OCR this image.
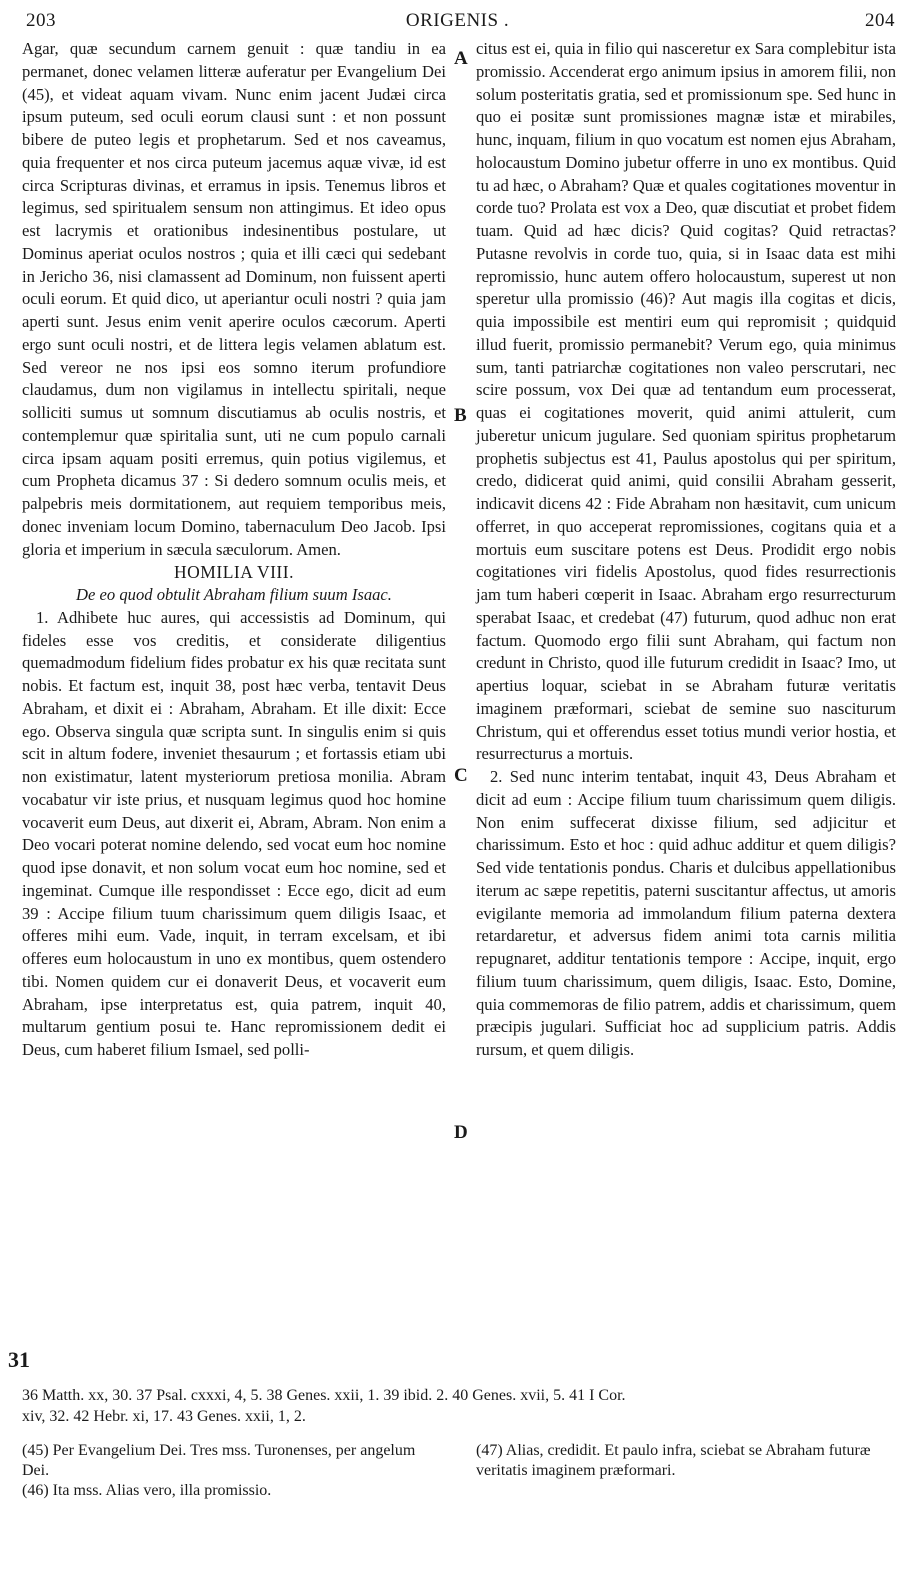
203	ORIGENIS .	204

Agar, quæ secundum carnem genuit : quæ tandiu in ea permanet, donec velamen litteræ auferatur per Evangelium Dei (45), et videat aquam vivam. Nunc enim jacent Judæi circa ipsum puteum, sed oculi eorum clausi sunt : et non possunt bibere de puteo legis et prophetarum. Sed et nos caveamus, quia frequenter et nos circa puteum jacemus aquæ vivæ, id est circa Scripturas divinas, et erramus in ipsis. Tenemus libros et legimus, sed spiritualem sensum non attingimus. Et ideo opus est lacrymis et orationibus indesinentibus postulare, ut Dominus aperiat oculos nostros ; quia et illi cæci qui sedebant in Jericho 36, nisi clamassent ad Dominum, non fuissent aperti oculi eorum. Et quid dico, ut aperiantur oculi nostri ? quia jam aperti sunt. Jesus enim venit aperire oculos cæcorum. Aperti ergo sunt oculi nostri, et de littera legis velamen ablatum est. Sed vereor ne nos ipsi eos somno iterum profundiore claudamus, dum non vigilamus in intellectu spiritali, neque solliciti sumus ut somnum discutiamus ab oculis nostris, et contemplemur quæ spiritalia sunt, uti ne cum populo carnali circa ipsam aquam positi erremus, quin potius vigilemus, et cum Propheta dicamus 37 : Si dedero somnum oculis meis, et palpebris meis dormitationem, aut requiem temporibus meis, donec inveniam locum Domino, tabernaculum Deo Jacob. Ipsi gloria et imperium in sæcula sæculorum. Amen.

HOMILIA VIII.

De eo quod obtulit Abraham filium suum Isaac.

1. Adhibete huc aures, qui accessistis ad Dominum, qui fideles esse vos creditis, et considerate diligentius quemadmodum fidelium fides probatur ex his quæ recitata sunt nobis. Et factum est, inquit 38, post hæc verba, tentavit Deus Abraham, et dixit ei : Abraham, Abraham. Et ille dixit: Ecce ego. Observa singula quæ scripta sunt. In singulis enim si quis scit in altum fodere, inveniet thesaurum ; et fortassis etiam ubi non existimatur, latent mysteriorum pretiosa monilia. Abram vocabatur vir iste prius, et nusquam legimus quod hoc homine vocaverit eum Deus, aut dixerit ei, Abram, Abram. Non enim a Deo vocari poterat nomine delendo, sed vocat eum hoc nomine quod ipse donavit, et non solum vocat eum hoc nomine, sed et ingeminat. Cumque ille respondisset : Ecce ego, dicit ad eum 39 : Accipe filium tuum charissimum quem diligis Isaac, et offeres mihi eum. Vade, inquit, in terram excelsam, et ibi offeres eum holocaustum in uno ex montibus, quem ostendero tibi. Nomen quidem cur ei donaverit Deus, et vocaverit eum Abraham, ipse interpretatus est, quia patrem, inquit 40, multarum gentium posui te. Hanc repromissionem dedit ei Deus, cum haberet filium Ismael, sed polli-

citus est ei, quia in filio qui nasceretur ex Sara complebitur ista promissio. Accenderat ergo animum ipsius in amorem filii, non solum posteritatis gratia, sed et promissionum spe. Sed hunc in quo ei positæ sunt promissiones magnæ istæ et mirabiles, hunc, inquam, filium in quo vocatum est nomen ejus Abraham, holocaustum Domino jubetur offerre in uno ex montibus. Quid tu ad hæc, o Abraham? Quæ et quales cogitationes moventur in corde tuo? Prolata est vox a Deo, quæ discutiat et probet fidem tuam. Quid ad hæc dicis? Quid cogitas? Quid retractas? Putasne revolvis in corde tuo, quia, si in Isaac data est mihi repromissio, hunc autem offero holocaustum, superest ut non speretur ulla promissio (46)? Aut magis illa cogitas et dicis, quia impossibile est mentiri eum qui repromisit ; quidquid illud fuerit, promissio permanebit? Verum ego, quia minimus sum, tanti patriarchæ cogitationes non valeo perscrutari, nec scire possum, vox Dei quæ ad tentandum eum processerat, quas ei cogitationes moverit, quid animi attulerit, cum juberetur unicum jugulare. Sed quoniam spiritus prophetarum prophetis subjectus est 41, Paulus apostolus qui per spiritum, credo, didicerat quid animi, quid consilii Abraham gesserit, indicavit dicens 42 : Fide Abraham non hæsitavit, cum unicum offerret, in quo acceperat repromissiones, cogitans quia et a mortuis eum suscitare potens est Deus. Prodidit ergo nobis cogitationes viri fidelis Apostolus, quod fides resurrectionis jam tum haberi cœperit in Isaac. Abraham ergo resurrecturum sperabat Isaac, et credebat (47) futurum, quod adhuc non erat factum. Quomodo ergo filii sunt Abraham, qui factum non credunt in Christo, quod ille futurum credidit in Isaac? Imo, ut apertius loquar, sciebat in se Abraham futuræ veritatis imaginem præformari, sciebat de semine suo nasciturum Christum, qui et offerendus esset totius mundi verior hostia, et resurrecturus a mortuis.

2. Sed nunc interim tentabat, inquit 43, Deus Abraham et dicit ad eum : Accipe filium tuum charissimum quem diligis. Non enim suffecerat dixisse filium, sed adjicitur et charissimum. Esto et hoc : quid adhuc additur et quem diligis? Sed vide tentationis pondus. Charis et dulcibus appellationibus iterum ac sæpe repetitis, paterni suscitantur affectus, ut amoris evigilante memoria ad immolandum filium paterna dextera retardaretur, et adversus fidem animi tota carnis militia repugnaret, additur tentationis tempore : Accipe, inquit, ergo filium tuum charissimum, quem diligis, Isaac. Esto, Domine, quia commemoras de filio patrem, addis et charissimum, quem præcipis jugulari. Sufficiat hoc ad supplicium patris. Addis rursum, et quem diligis.

A
B
C
D
31

36 Matth. xx, 30. 37 Psal. cxxxi, 4, 5. 38 Genes. xxii, 1. 39 ibid. 2. 40 Genes. xvii, 5. 41 I Cor.

xiv, 32. 42 Hebr. xi, 17. 43 Genes. xxii, 1, 2.

(45) Per Evangelium Dei. Tres mss. Turonenses, per angelum Dei.

(46) Ita mss. Alias vero, illa promissio.

(47) Alias, credidit. Et paulo infra, sciebat se Abraham futuræ veritatis imaginem præformari.
